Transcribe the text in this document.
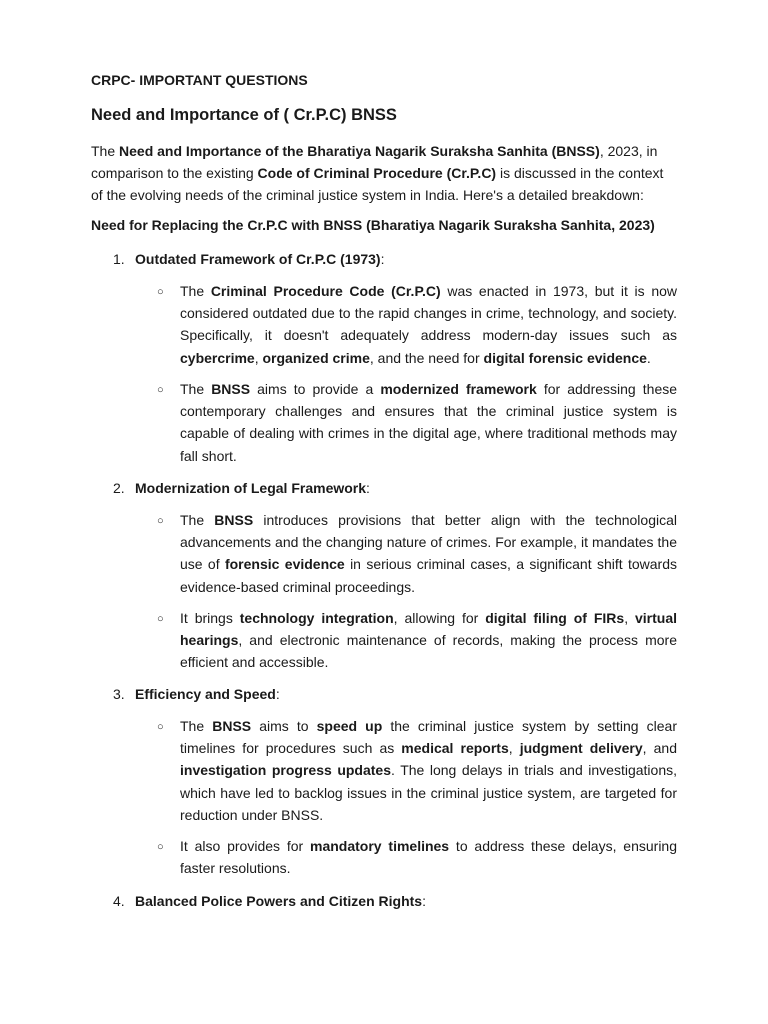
CRPC- IMPORTANT QUESTIONS
Need and Importance of ( Cr.P.C) BNSS

The Need and Importance of the Bharatiya Nagarik Suraksha Sanhita (BNSS), 2023, in comparison to the existing Code of Criminal Procedure (Cr.P.C) is discussed in the context of the evolving needs of the criminal justice system in India. Here's a detailed breakdown:

Need for Replacing the Cr.P.C with BNSS (Bharatiya Nagarik Suraksha Sanhita, 2023)
1. Outdated Framework of Cr.P.C (1973):
○ The Criminal Procedure Code (Cr.P.C) was enacted in 1973, but it is now considered outdated due to the rapid changes in crime, technology, and society. Specifically, it doesn't adequately address modern-day issues such as cybercrime, organized crime, and the need for digital forensic evidence.

○ The BNSS aims to provide a modernized framework for addressing these contemporary challenges and ensures that the criminal justice system is capable of dealing with crimes in the digital age, where traditional methods may fall short.

2. Modernization of Legal Framework:
○ The BNSS introduces provisions that better align with the technological advancements and the changing nature of crimes. For example, it mandates the use of forensic evidence in serious criminal cases, a significant shift towards evidence-based criminal proceedings.

○ It brings technology integration, allowing for digital filing of FIRs, virtual hearings, and electronic maintenance of records, making the process more efficient and accessible.

3. Efficiency and Speed:
○ The BNSS aims to speed up the criminal justice system by setting clear timelines for procedures such as medical reports, judgment delivery, and investigation progress updates. The long delays in trials and investigations, which have led to backlog issues in the criminal justice system, are targeted for reduction under BNSS.

○ It also provides for mandatory timelines to address these delays, ensuring faster resolutions.

4. Balanced Police Powers and Citizen Rights:
